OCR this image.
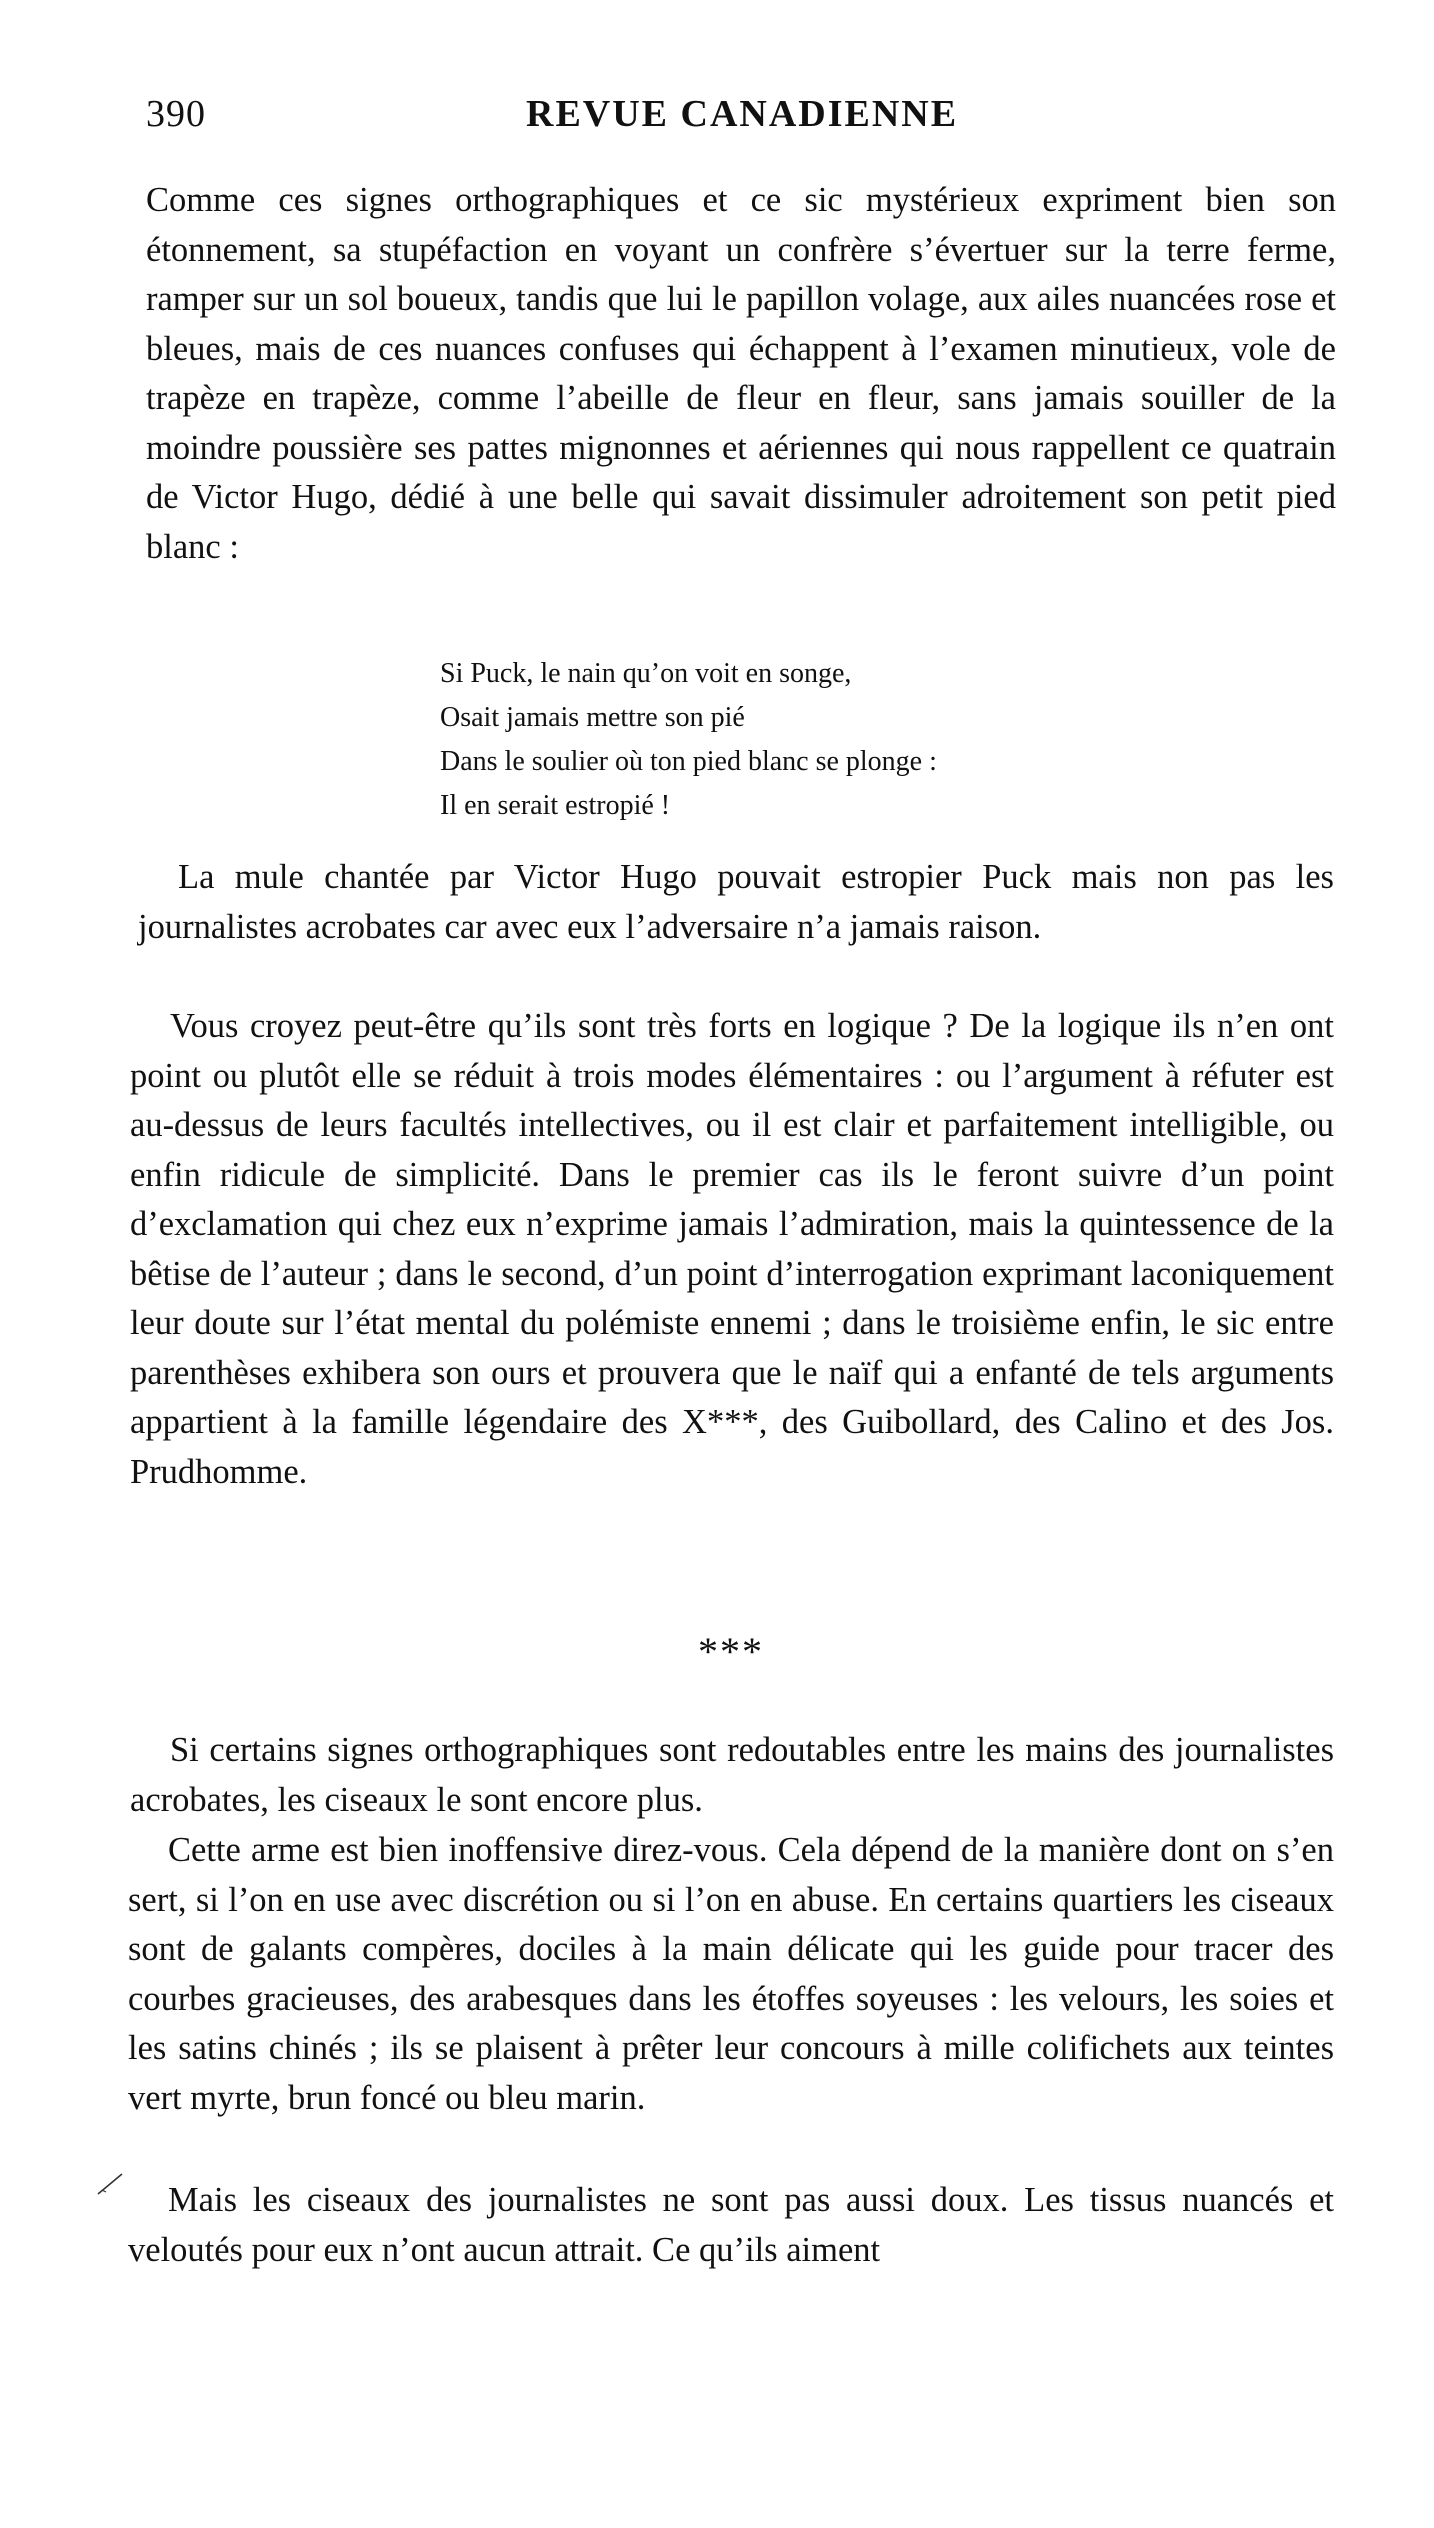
390	REVUE CANADIENNE

Comme ces signes orthographiques et ce sic mystérieux expriment bien son étonnement, sa stupéfaction en voyant un confrère s’évertuer sur la terre ferme, ramper sur un sol boueux, tandis que lui le papillon volage, aux ailes nuancées rose et bleues, mais de ces nuances confuses qui échappent à l’examen minutieux, vole de trapèze en trapèze, comme l’abeille de fleur en fleur, sans jamais souiller de la moindre poussière ses pattes mignonnes et aériennes qui nous rappellent ce quatrain de Victor Hugo, dédié à une belle qui savait dissimuler adroitement son petit pied blanc :

Si Puck, le nain qu’on voit en songe,
Osait jamais mettre son pié
Dans le soulier où ton pied blanc se plonge :
Il en serait estropié !

La mule chantée par Victor Hugo pouvait estropier Puck mais non pas les journalistes acrobates car avec eux l’adversaire n’a jamais raison.

Vous croyez peut-être qu’ils sont très forts en logique ? De la logique ils n’en ont point ou plutôt elle se réduit à trois modes élémentaires : ou l’argument à réfuter est au-dessus de leurs facultés intellectives, ou il est clair et parfaitement intelligible, ou enfin ridicule de simplicité. Dans le premier cas ils le feront suivre d’un point d’exclamation qui chez eux n’exprime jamais l’admiration, mais la quintessence de la bêtise de l’auteur ; dans le second, d’un point d’interrogation exprimant laconiquement leur doute sur l’état mental du polémiste ennemi ; dans le troisième enfin, le sic entre parenthèses exhibera son ours et prouvera que le naïf qui a enfanté de tels arguments appartient à la famille légendaire des X***, des Guibollard, des Calino et des Jos. Prudhomme.

***

Si certains signes orthographiques sont redoutables entre les mains des journalistes acrobates, les ciseaux le sont encore plus.

Cette arme est bien inoffensive direz-vous. Cela dépend de la manière dont on s’en sert, si l’on en use avec discrétion ou si l’on en abuse. En certains quartiers les ciseaux sont de galants compères, dociles à la main délicate qui les guide pour tracer des courbes gracieuses, des arabesques dans les étoffes soyeuses : les velours, les soies et les satins chinés ; ils se plaisent à prêter leur concours à mille colifichets aux teintes vert myrte, brun foncé ou bleu marin.

Mais les ciseaux des journalistes ne sont pas aussi doux. Les tissus nuancés et veloutés pour eux n’ont aucun attrait. Ce qu’ils aiment
